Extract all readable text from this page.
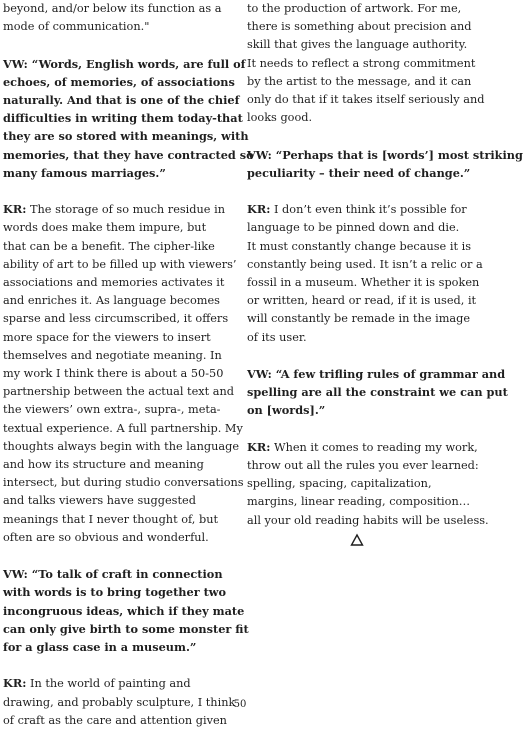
beyond, and/or below its function as a
mode of communication."

VW: “Words, English words, are full of
echoes, of memories, of associations
naturally. And that is one of the chief
difficulties in writing them today-that
they are so stored with meanings, with
memories, that they have contracted so
many famous marriages.”

KR: The storage of so much residue in
words does make them impure, but
that can be a benefit. The cipher-like
ability of art to be filled up with viewers’
associations and memories activates it
and enriches it. As language becomes
sparse and less circumscribed, it offers
more space for the viewers to insert
themselves and negotiate meaning. In
my work I think there is about a 50-50
partnership between the actual text and
the viewers’ own extra-, supra-, meta-
textual experience. A full partnership. My
thoughts always begin with the language
and how its structure and meaning
intersect, but during studio conversations
and talks viewers have suggested
meanings that I never thought of, but
often are so obvious and wonderful.

VW: “To talk of craft in connection
with words is to bring together two
incongruous ideas, which if they mate
can only give birth to some monster fit
for a glass case in a museum.”

KR: In the world of painting and
drawing, and probably sculpture, I think
of craft as the care and attention given

to the production of artwork. For me,
there is something about precision and
skill that gives the language authority.
It needs to reflect a strong commitment
by the artist to the message, and it can
only do that if it takes itself seriously and
looks good.

VW: “Perhaps that is [words’] most striking
peculiarity – their need of change.”

KR: I don’t even think it’s possible for
language to be pinned down and die.
It must constantly change because it is
constantly being used. It isn’t a relic or a
fossil in a museum. Whether it is spoken
or written, heard or read, if it is used, it
will constantly be remade in the image
of its user.

VW: “A few trifling rules of grammar and
spelling are all the constraint we can put
on [words].”

KR: When it comes to reading my work,
throw out all the rules you ever learned:
spelling, spacing, capitalization,
margins, linear reading, composition…
all your old reading habits will be useless.

50
